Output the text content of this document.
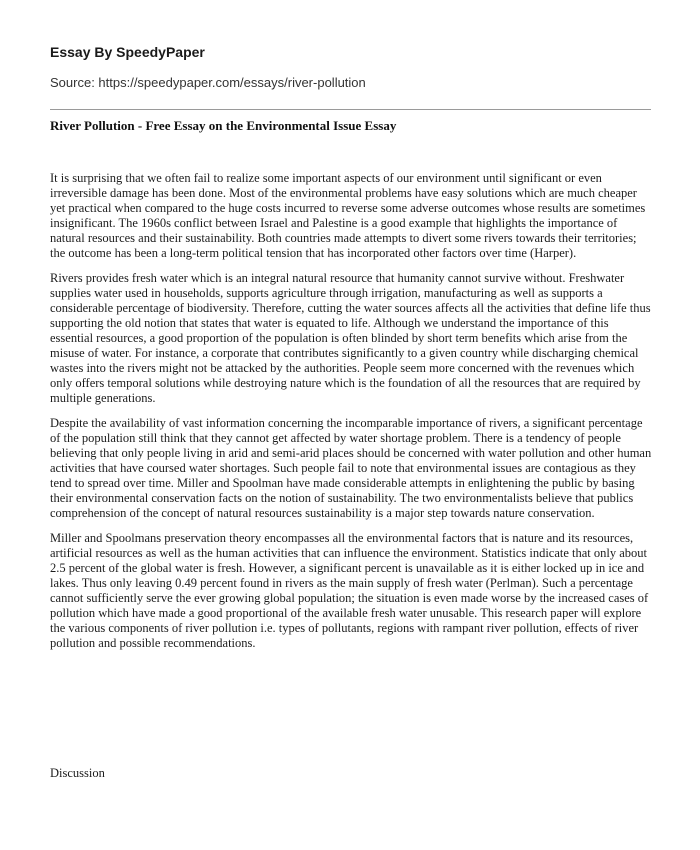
Essay By SpeedyPaper
Source: https://speedypaper.com/essays/river-pollution
River Pollution - Free Essay on the Environmental Issue Essay

It is surprising that we often fail to realize some important aspects of our environment until significant or even irreversible damage has been done. Most of the environmental problems have easy solutions which are much cheaper yet practical when compared to the huge costs incurred to reverse some adverse outcomes whose results are sometimes insignificant. The 1960s conflict between Israel and Palestine is a good example that highlights the importance of natural resources and their sustainability. Both countries made attempts to divert some rivers towards their territories; the outcome has been a long-term political tension that has incorporated other factors over time (Harper).

Rivers provides fresh water which is an integral natural resource that humanity cannot survive without. Freshwater supplies water used in households, supports agriculture through irrigation, manufacturing as well as supports a considerable percentage of biodiversity. Therefore, cutting the water sources affects all the activities that define life thus supporting the old notion that states that water is equated to life. Although we understand the importance of this essential resources, a good proportion of the population is often blinded by short term benefits which arise from the misuse of water. For instance, a corporate that contributes significantly to a given country while discharging chemical wastes into the rivers might not be attacked by the authorities. People seem more concerned with the revenues which only offers temporal solutions while destroying nature which is the foundation of all the resources that are required by multiple generations.

Despite the availability of vast information concerning the incomparable importance of rivers, a significant percentage of the population still think that they cannot get affected by water shortage problem. There is a tendency of people believing that only people living in arid and semi-arid places should be concerned with water pollution and other human activities that have coursed water shortages. Such people fail to note that environmental issues are contagious as they tend to spread over time. Miller and Spoolman have made considerable attempts in enlightening the public by basing their environmental conservation facts on the notion of sustainability. The two environmentalists believe that publics comprehension of the concept of natural resources sustainability is a major step towards nature conservation.

Miller and Spoolmans preservation theory encompasses all the environmental factors that is nature and its resources, artificial resources as well as the human activities that can influence the environment. Statistics indicate that only about 2.5 percent of the global water is fresh. However, a significant percent is unavailable as it is either locked up in ice and lakes. Thus only leaving 0.49 percent found in rivers as the main supply of fresh water (Perlman). Such a percentage cannot sufficiently serve the ever growing global population; the situation is even made worse by the increased cases of pollution which have made a good proportional of the available fresh water unusable. This research paper will explore the various components of river pollution i.e. types of pollutants, regions with rampant river pollution, effects of river pollution and possible recommendations.

Discussion
